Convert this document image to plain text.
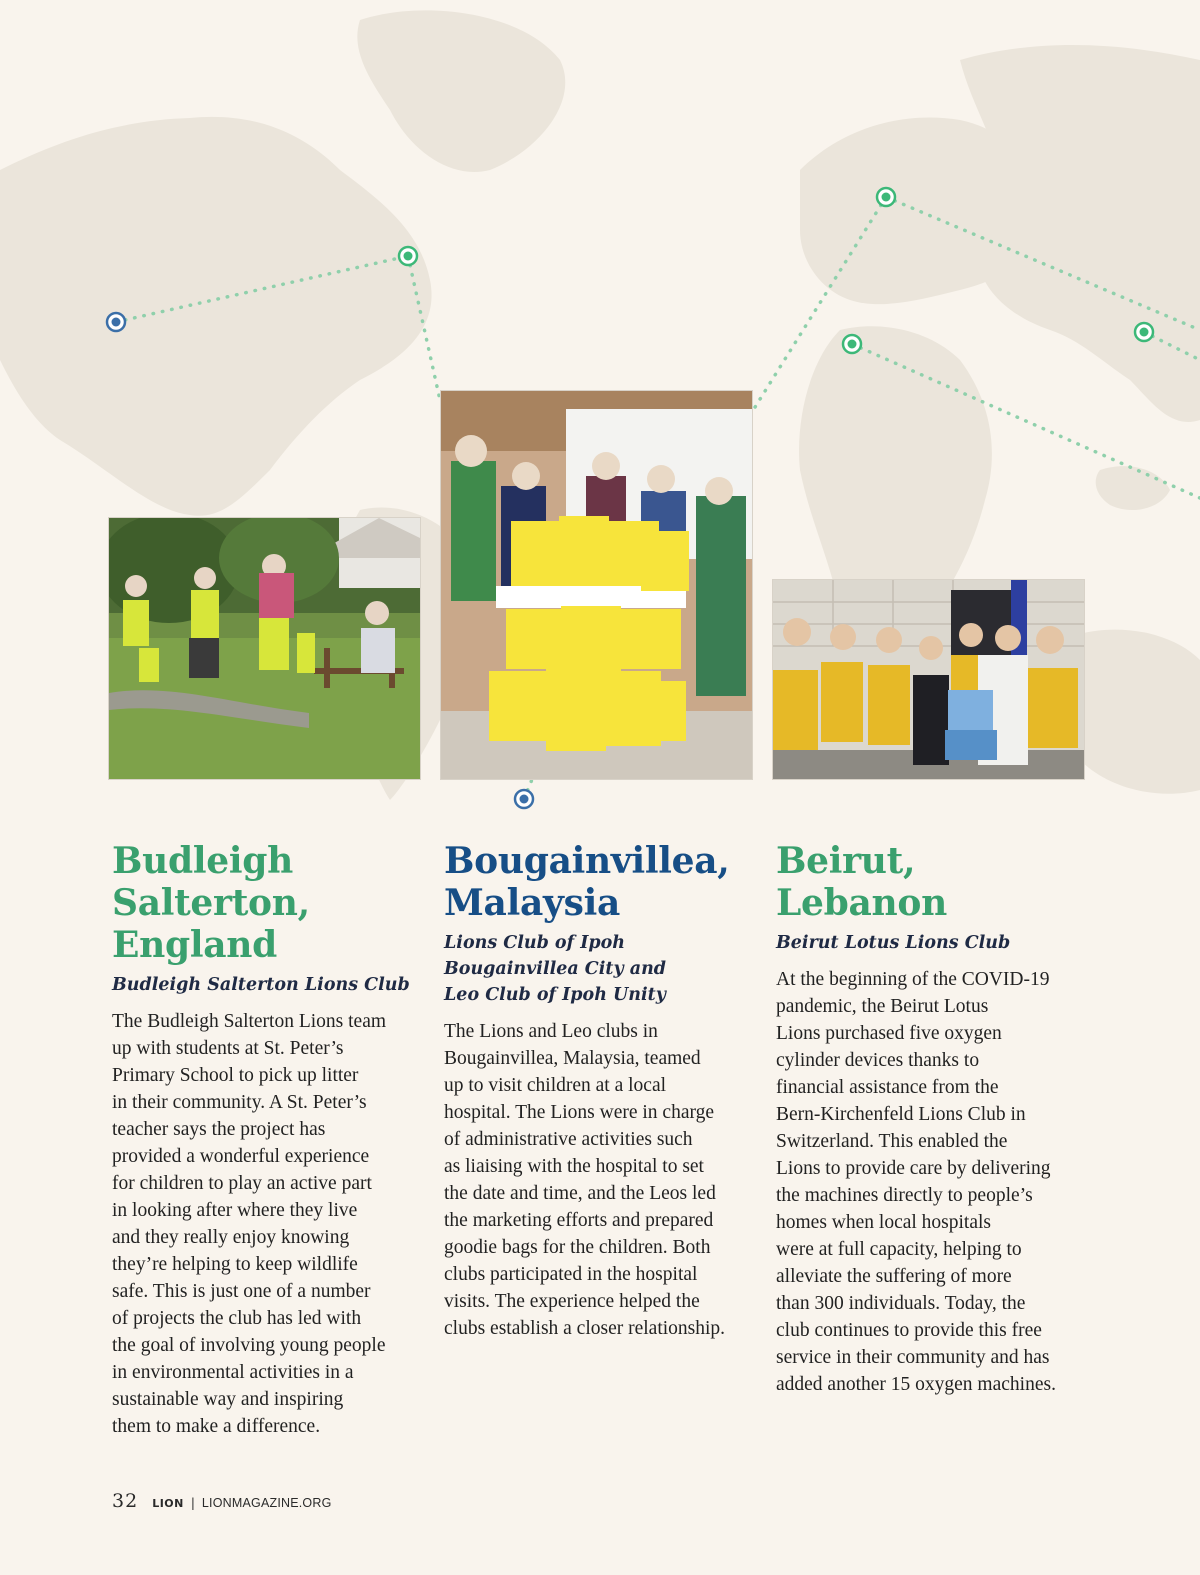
Budleigh
Salterton,
England
Budleigh Salterton Lions Club

The Budleigh Salterton Lions team
up with students at St. Peter’s
Primary School to pick up litter
in their community. A St. Peter’s
teacher says the project has
provided a wonderful experience
for children to play an active part
in looking after where they live
and they really enjoy knowing
they’re helping to keep wildlife
safe. This is just one of a number
of projects the club has led with
the goal of involving young people
in environmental activities in a
sustainable way and inspiring
them to make a difference.

Bougainvillea,
Malaysia
Lions Club of Ipoh
Bougainvillea City and
Leo Club of Ipoh Unity

The Lions and Leo clubs in
Bougainvillea, Malaysia, teamed
up to visit children at a local
hospital. The Lions were in charge
of administrative activities such
as liaising with the hospital to set
the date and time, and the Leos led
the marketing efforts and prepared
goodie bags for the children. Both
clubs participated in the hospital
visits. The experience helped the
clubs establish a closer relationship.

Beirut,
Lebanon
Beirut Lotus Lions Club

At the beginning of the COVID-19
pandemic, the Beirut Lotus
Lions purchased five oxygen
cylinder devices thanks to
financial assistance from the
Bern-Kirchenfeld Lions Club in
Switzerland. This enabled the
Lions to provide care by delivering
the machines directly to people’s
homes when local hospitals
were at full capacity, helping to
alleviate the suffering of more
than 300 individuals. Today, the
club continues to provide this free
service in their community and has
added another 15 oxygen machines.

32 LION | LIONMAGAZINE.ORG
